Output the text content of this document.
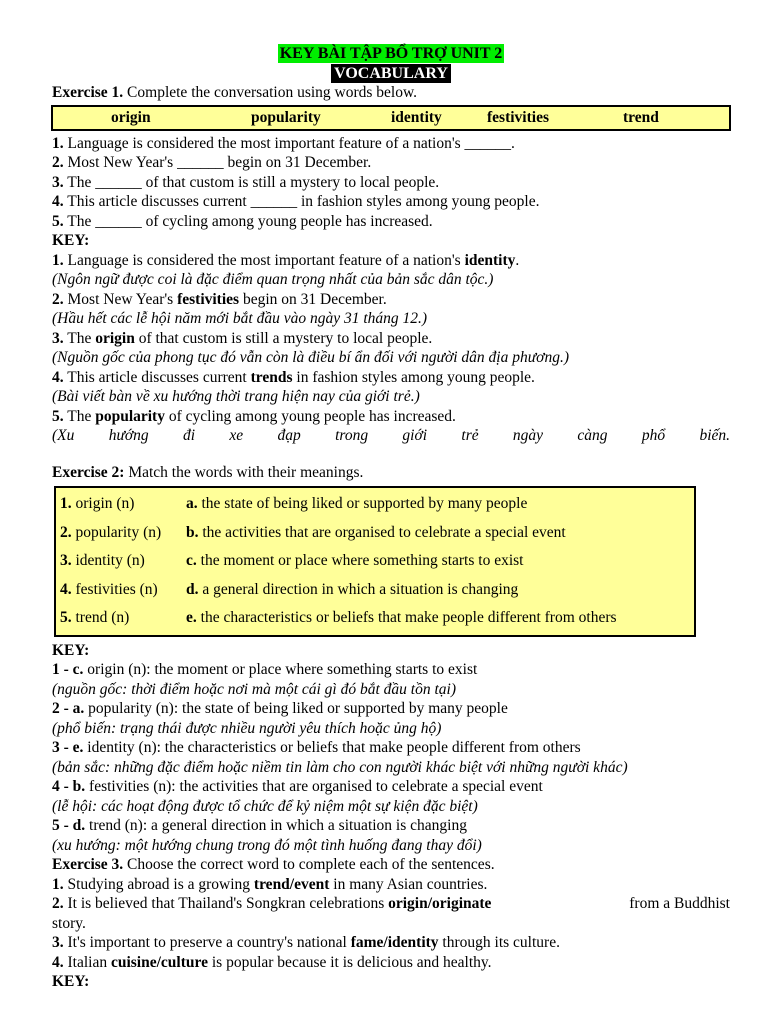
KEY BÀI TẬP BỔ TRỢ UNIT 2
VOCABULARY
Exercise 1. Complete the conversation using words below.
origin	popularity	identity	festivities	trend
1. Language is considered the most important feature of a nation's ______.
2. Most New Year's ______ begin on 31 December.
3. The ______ of that custom is still a mystery to local people.
4. This article discusses current ______ in fashion styles among young people.
5. The ______ of cycling among young people has increased.
KEY:
1. Language is considered the most important feature of a nation's identity.
(Ngôn ngữ được coi là đặc điểm quan trọng nhất của bản sắc dân tộc.)
2. Most New Year's festivities begin on 31 December.
(Hầu hết các lễ hội năm mới bắt đầu vào ngày 31 tháng 12.)
3. The origin of that custom is still a mystery to local people.
(Nguồn gốc của phong tục đó vẫn còn là điều bí ẩn đối với người dân địa phương.)
4. This article discusses current trends in fashion styles among young people.
(Bài viết bàn về xu hướng thời trang hiện nay của giới trẻ.)
5. The popularity of cycling among young people has increased.
(Xu hướng đi xe đạp trong giới trẻ ngày càng phổ biến.
Exercise 2: Match the words with their meanings.
1. origin (n)	a. the state of being liked or supported by many people
2. popularity (n) b. the activities that are organised to celebrate a special event
3. identity (n)	c. the moment or place where something starts to exist
4. festivities (n) d. a general direction in which a situation is changing
5. trend (n)	e. the characteristics or beliefs that make people different from others
KEY:
1 - c. origin (n): the moment or place where something starts to exist
(nguồn gốc: thời điểm hoặc nơi mà một cái gì đó bắt đầu tồn tại)
2 - a. popularity (n): the state of being liked or supported by many people
(phổ biến: trạng thái được nhiều người yêu thích hoặc ủng hộ)
3 - e. identity (n): the characteristics or beliefs that make people different from others
(bản sắc: những đặc điểm hoặc niềm tin làm cho con người khác biệt với những người khác)
4 - b. festivities (n): the activities that are organised to celebrate a special event
(lễ hội: các hoạt động được tổ chức để kỷ niệm một sự kiện đặc biệt)
5 - d. trend (n): a general direction in which a situation is changing
(xu hướng: một hướng chung trong đó một tình huống đang thay đổi)
Exercise 3. Choose the correct word to complete each of the sentences.
1. Studying abroad is a growing trend/event in many Asian countries.
2. It is believed that Thailand's Songkran celebrations origin/originate	from a Buddhist
story.
3. It's important to preserve a country's national fame/identity through its culture.
4. Italian cuisine/culture is popular because it is delicious and healthy.
KEY:
